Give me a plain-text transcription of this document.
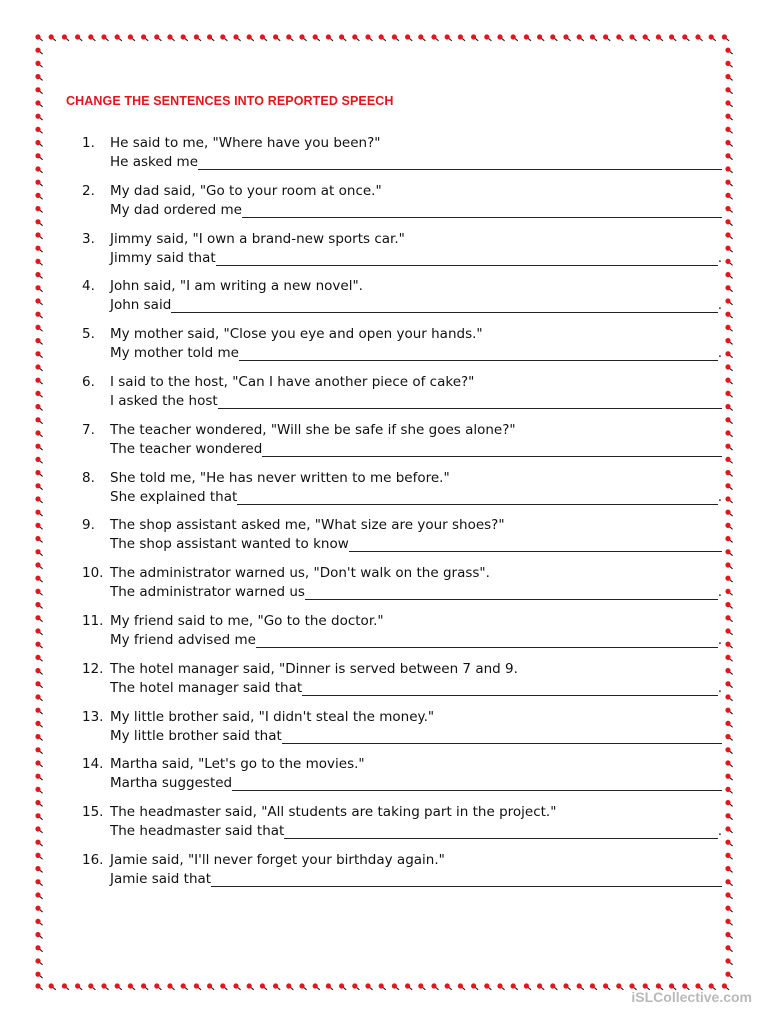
CHANGE THE SENTENCES INTO REPORTED SPEECH
1. He said to me, "Where have you been?"
He asked me
2. My dad said, "Go to your room at once."
My dad ordered me
3. Jimmy said, "I own a brand-new sports car."
Jimmy said that	.
4. John said, "I am writing a new novel".
John said	.
5. My mother said, "Close you eye and open your hands."
My mother told me	.
6. I said to the host, "Can I have another piece of cake?"
I asked the host
7. The teacher wondered, "Will she be safe if she goes alone?"
The teacher wondered
8. She told me, "He has never written to me before."
She explained that	.
9. The shop assistant asked me, "What size are your shoes?"
The shop assistant wanted to know
10. The administrator warned us, "Don't walk on the grass".
The administrator warned us	.
11. My friend said to me, "Go to the doctor."
My friend advised me	.
12. The hotel manager said, "Dinner is served between 7 and 9.
The hotel manager said that	.
13. My little brother said, "I didn't steal the money."
My little brother said that
14. Martha said, "Let's go to the movies."
Martha suggested
15. The headmaster said, "All students are taking part in the project."
The headmaster said that	.
16. Jamie said, "I'll never forget your birthday again."
Jamie said that
iSLCollective.com
